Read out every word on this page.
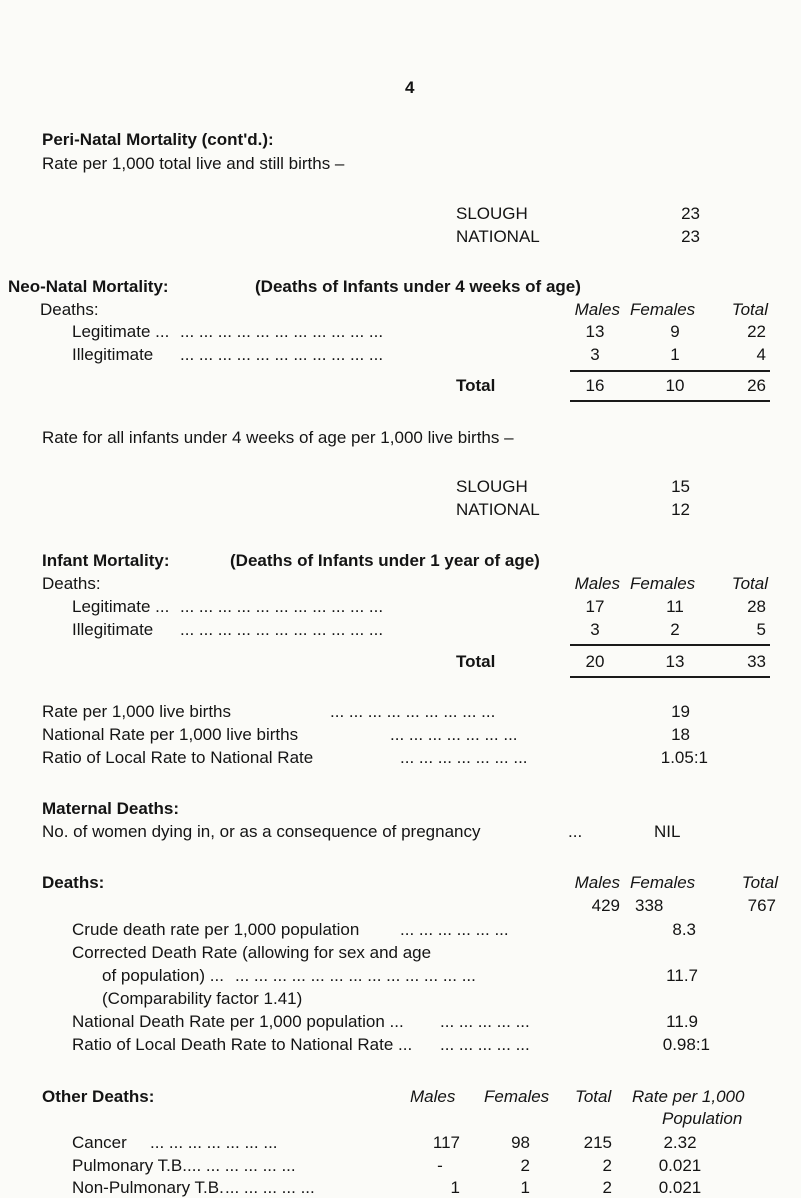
4
Peri-Natal Mortality (cont'd.):
Rate per 1,000 total live and still births –
SLOUGH	23
NATIONAL	23
Neo-Natal Mortality:	(Deaths of Infants under 4 weeks of age)
Deaths:	Males Females	Total
Legitimate ... ... ... ... ... ... ... ... ... ... ... ...	13	9	22
Illegitimate ... ... ... ... ... ... ... ... ... ... ...	3	1	4
Total	16	10	26
Rate for all infants under 4 weeks of age per 1,000 live births –
SLOUGH	15
NATIONAL	12
Infant Mortality:	(Deaths of Infants under 1 year of age)
Deaths:	Males Females	Total
Legitimate ... ... ... ... ... ... ... ... ... ... ... ...	17	11	28
Illegitimate ... ... ... ... ... ... ... ... ... ... ...	3	2	5
Total	20	13	33
Rate per 1,000 live births	... ... ... ... ... ... ... ... ...	19
National Rate per 1,000 live births	... ... ... ... ... ... ...	18
Ratio of Local Rate to National Rate	... ... ... ... ... ... ...	1.05:1
Maternal Deaths:
No. of women dying in, or as a consequence of pregnancy	...	NIL
Deaths:	Males Females	Total
429 338	767
Crude death rate per 1,000 population ... ... ... ... ... ...	8.3
Corrected Death Rate (allowing for sex and age
of population) ... ... ... ... ... ... ... ... ... ... ... ... ... ...	11.7
(Comparability factor 1.41)
National Death Rate per 1,000 population ... ... ... ... ... ...	11.9
Ratio of Local Death Rate to National Rate ... ... ... ... ... ...	0.98:1
Other Deaths:	Males Females Total Rate per 1,000
Population
Cancer ... ... ... ... ... ... ...	117	98	215	2.32
Pulmonary T.B. ... ... ... ... ... ...	-	2	2	0.021
Non-Pulmonary T.B. ... ... ... ... ...	1	1	2	0.021
